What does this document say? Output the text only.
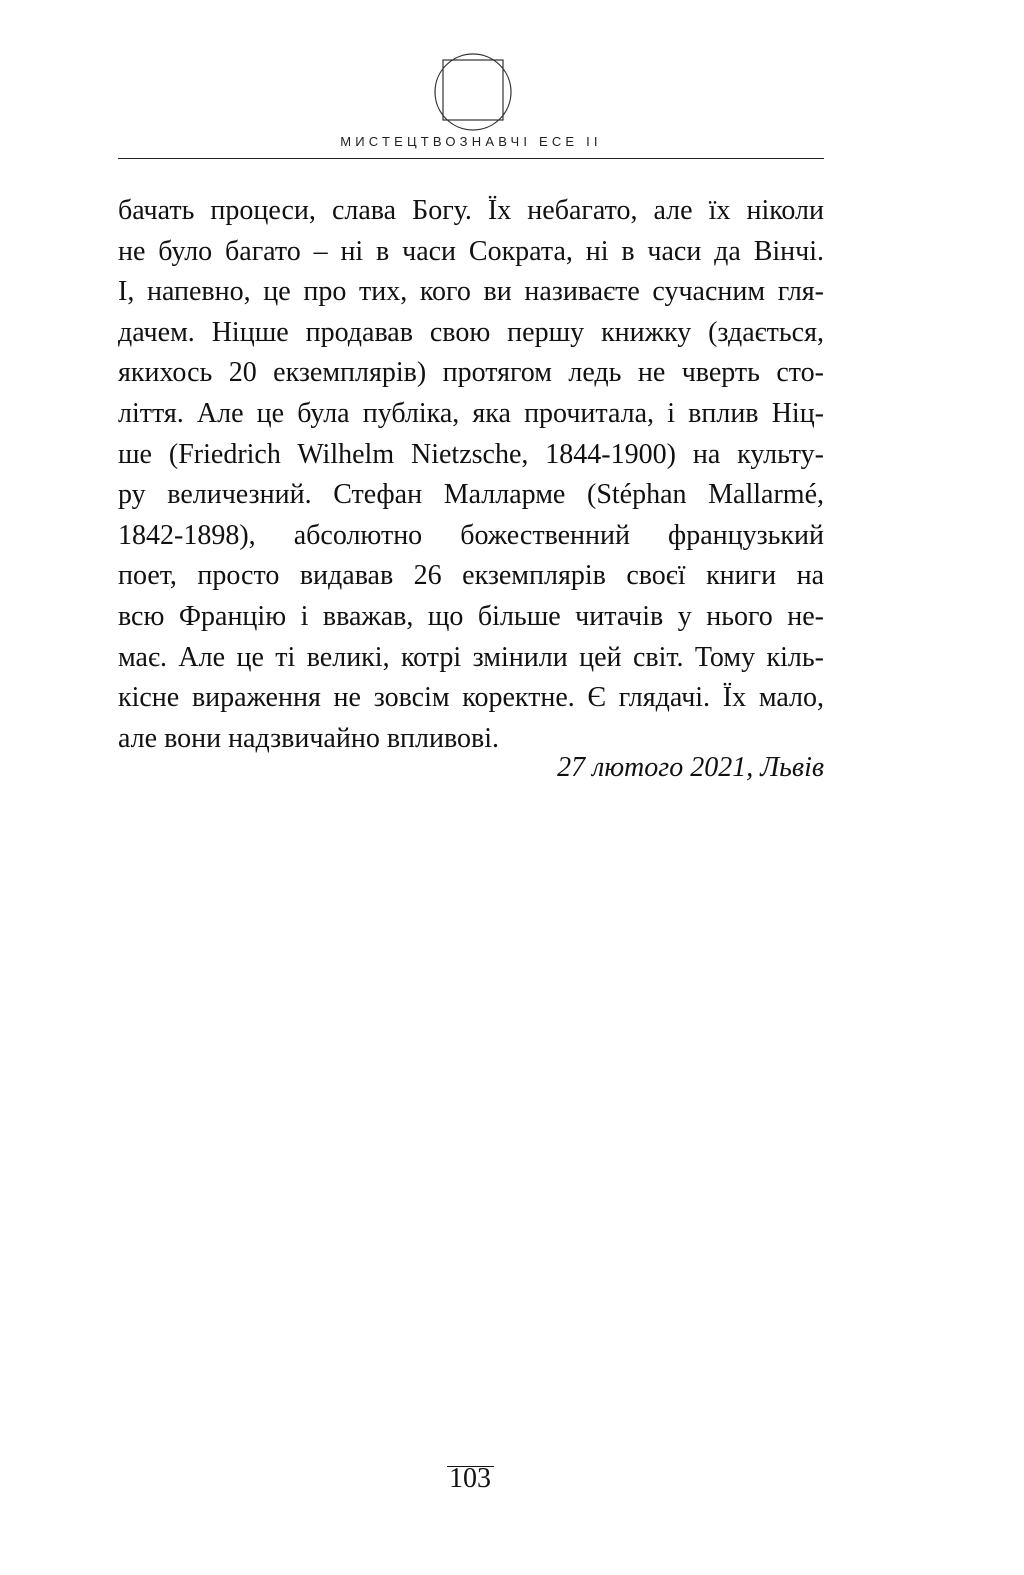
МИСТЕЦТВОЗНАВЧІ ЕСЕ II
бачать процеси, слава Богу. Їх небагато, але їх ніколи
не було багато – ні в часи Сократа, ні в часи да Вінчі.
І, напевно, це про тих, кого ви називаєте сучасним гля-
дачем. Ніцше продавав свою першу книжку (здається,
якихось 20 екземплярів) протягом ледь не чверть сто-
ліття. Але це була публіка, яка прочитала, і вплив Ніц-
ше (Friedrich Wilhelm Nietzsche, 1844-1900) на культу-
ру величезний. Стефан Малларме (Stéphan Mallarmé,
1842-1898), абсолютно божественний французький
поет, просто видавав 26 екземплярів своєї книги на
всю Францію і вважав, що більше читачів у нього не-
має. Але це ті великі, котрі змінили цей світ. Тому кіль-
кісне вираження не зовсім коректне. Є глядачі. Їх мало,
але вони надзвичайно впливові.
27 лютого 2021, Львів
103
